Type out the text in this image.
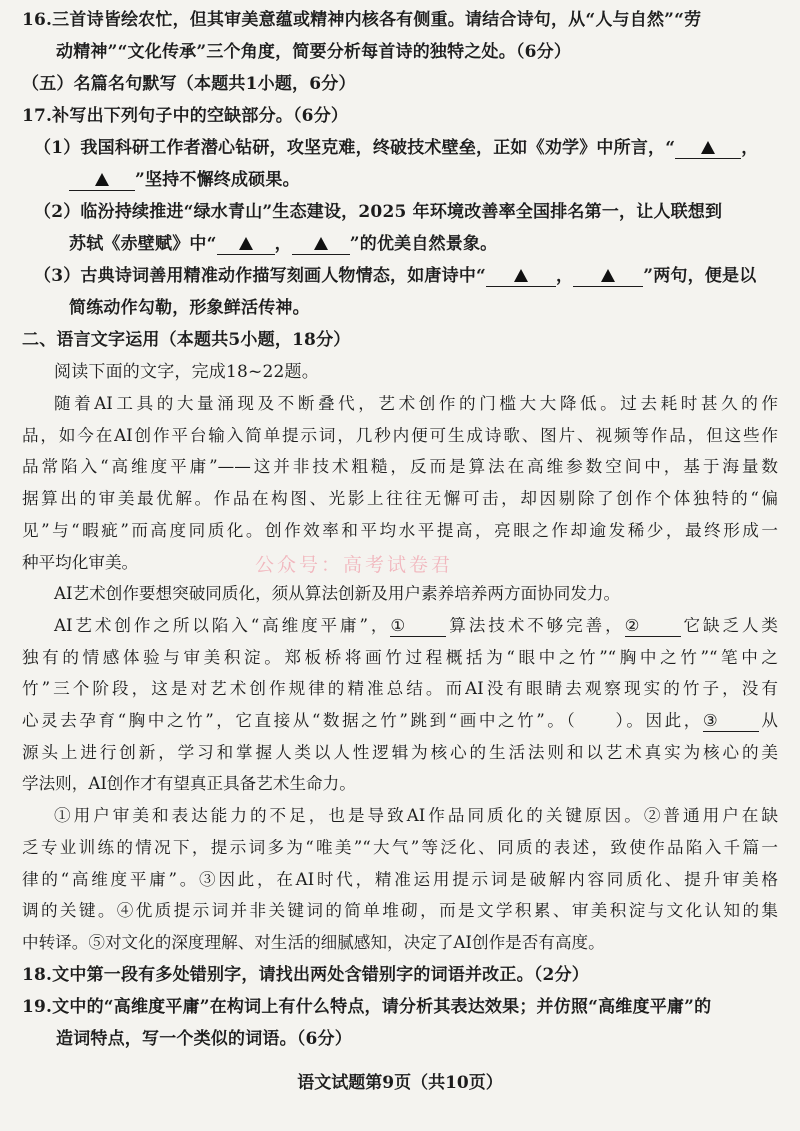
16.三首诗皆绘农忙，但其审美意蕴或精神内核各有侧重。请结合诗句，从“人与自然”“劳

动精神”“文化传承”三个角度，简要分析每首诗的独特之处。（6分）

（五）名篇名句默写（本题共1小题，6分）

17.补写出下列句子中的空缺部分。（6分）

（1）我国科研工作者潜心钻研，攻坚克难，终破技术壁垒，正如《劝学》中所言，“	，

”坚持不懈终成硕果。

（2）临汾持续推进“绿水青山”生态建设，2025 年环境改善率全国排名第一，让人联想到

苏轼《赤壁赋》中“	，	”的优美自然景象。

（3）古典诗词善用精准动作描写刻画人物情态，如唐诗中“	，	”两句，便是以

简练动作勾勒，形象鲜活传神。

二、语言文字运用（本题共5小题，18分）

阅读下面的文字，完成18~22题。

随着AI工具的大量涌现及不断叠代，艺术创作的门槛大大降低。过去耗时甚久的作

品，如今在AI创作平台输入简单提示词，几秒内便可生成诗歌、图片、视频等作品，但这些作

品常陷入“高维度平庸”——这并非技术粗糙，反而是算法在高维参数空间中，基于海量数

据算出的审美最优解。作品在构图、光影上往往无懈可击，却因剔除了创作个体独特的“偏

见”与“暇疵”而高度同质化。创作效率和平均水平提高，亮眼之作却逾发稀少，最终形成一

种平均化审美。

AI艺术创作要想突破同质化，须从算法创新及用户素养培养两方面协同发力。

AI艺术创作之所以陷入“高维度平庸”，① 算法技术不够完善，② 它缺乏人类

独有的情感体验与审美积淀。郑板桥将画竹过程概括为“眼中之竹”“胸中之竹”“笔中之

竹”三个阶段，这是对艺术创作规律的精准总结。而AI没有眼睛去观察现实的竹子，没有

心灵去孕育“胸中之竹”，它直接从“数据之竹”跳到“画中之竹”。（　　）。因此，③ 从

源头上进行创新，学习和掌握人类以人性逻辑为核心的生活法则和以艺术真实为核心的美

学法则，AI创作才有望真正具备艺术生命力。

①用户审美和表达能力的不足，也是导致AI作品同质化的关键原因。②普通用户在缺

乏专业训练的情况下，提示词多为“唯美”“大气”等泛化、同质的表述，致使作品陷入千篇一

律的“高维度平庸”。③因此，在AI时代，精准运用提示词是破解内容同质化、提升审美格

调的关键。④优质提示词并非关键词的简单堆砌，而是文学积累、审美积淀与文化认知的集

中转译。⑤对文化的深度理解、对生活的细腻感知，决定了AI创作是否有高度。

18.文中第一段有多处错别字，请找出两处含错别字的词语并改正。（2分）

19.文中的“高维度平庸”在构词上有什么特点，请分析其表达效果；并仿照“高维度平庸”的

造词特点，写一个类似的词语。（6分）

公众号：高考试卷君
语文试题第9页（共10页）
